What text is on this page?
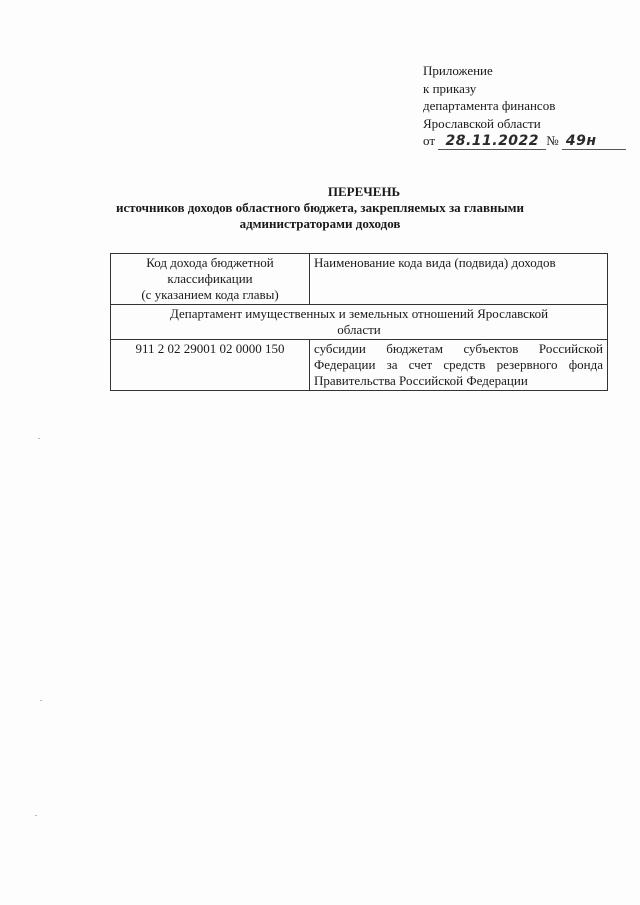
Приложение
к приказу
департамента финансов
Ярославской области
от 28.11.2022 № 49н
ПЕРЕЧЕНЬ
источников доходов областного бюджета, закрепляемых за главными
администраторами доходов
Код дохода бюджетной
классификации
(с указанием кода главы)	Наименование кода вида (подвида) доходов

Департамент имущественных и земельных отношений Ярославской
области	

911 2 02 29001 02 0000 150	субсидии бюджетам субъектов Российской Федерации за счет средств резервного фонда Правительства Российской Федерации
